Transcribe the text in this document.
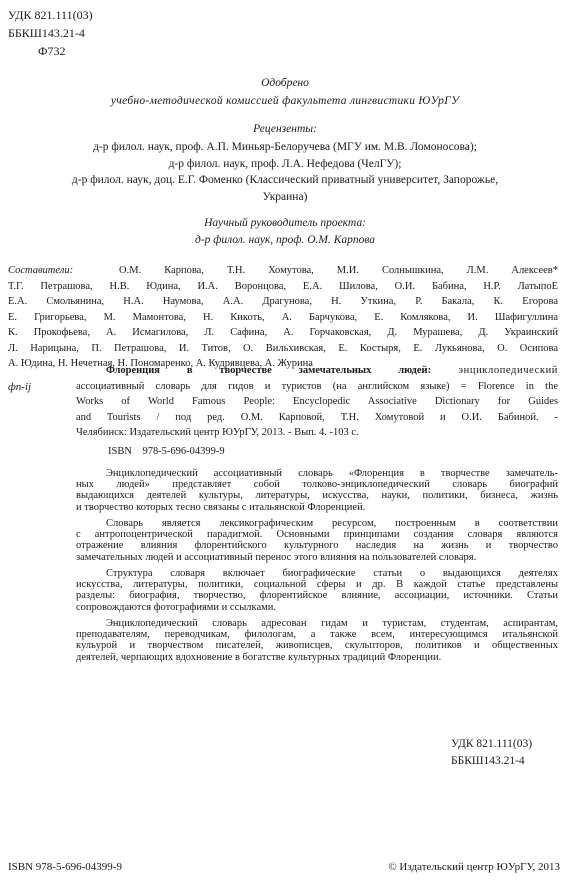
УДК 821.111(03)
ББКШ143.21-4
Ф732
Одобрено
учебно-методической комиссией факультета лингвистики ЮУрГУ
Рецензенты:
д-р филол. наук, проф. А.П. Миньяр-Белоручева (МГУ им. М.В. Ломоносова);
д-р филол. наук, проф. Л.А. Нефедова (ЧелГУ);
д-р филол. наук, доц. Е.Г. Фоменко (Классический приватный университет, Запорожье,
Украина)
Научный руководитель проекта:
д-р филол. наук, проф. О.М. Карпова
Составители:	О.М. Карпова, Т.Н. Хомутова, М.И. Солнышкина, Л.М. Алексеев*
Т.Г. Петрашова, Н.В. Юдина, И.А. Воронцова, Е.А. Шилова, О.И. Бабина, Н.Р. ЛатыпоЕ
Е.А. Смольянина, Н.А. Наумова, А.А. Драгунова, Н. Уткина, Р. Бакала, К. Егорова
Е. Григорьева, М. Мамонтова, Н. Кикоть, А. Барчукова, Е. Комлякова, И. Шафигуллина
К. Прокофьева, А. Исмагилова, Л. Сафина, А. Горчаковская, Д. Мурашева, Д. Украинский
Л. Нарицына, П. Петрашова, И. Титов, О. Вильхивская, Е. Костыря, Е. Лукьянова, О. Осипова
А. Юдина, Н. Нечетная, Н. Пономаренко, А. Кудрявцева, А. Журина
фп-ij
Флоренция в творчестве замечательных людей: энциклопедический
ассоциативный словарь для гидов и туристов (на английском языке) = Florence in the
Works of World Famous People: Encyclopedic Associative Dictionary for Guides
and Tourists / под ред. О.М. Карповой, Т.Н. Хомутовой и О.И. Бабиной. -
Челябинск: Издательский центр ЮУрГУ, 2013. - Вып. 4. -103 с.
ISBN 978-5-696-04399-9
Энциклопедический ассоциативный словарь «Флоренция в творчестве замечатель-
ных людей» представляет собой толково-энциклопедический словарь биографий
выдающихся деятелей культуры, литературы, искусства, науки, политики, бизнеса, жизнь
и творчество которых тесно связаны с итальянской Флоренцией.
Словарь является лексикографическим ресурсом, построенным в соответствии
с антропоцентрической парадигмой. Основными принципами создания словаря являются
отражение влияния флорентийского культурного наследия на жизнь и творчество
замечательных людей и ассоциативный перенос этого влияния на пользователей словаря.
Структура словаря включает биографические статьи о выдающихся деятелях
искусства, литературы, политики, социальной сферы и др. В каждой статье представлены
разделы: биография, творчество, флорентийское влияние, ассоциации, источники. Статьи
сопровождаются фотографиями и ссылками.
Энциклопедический словарь адресован гидам и туристам, студентам, аспирантам,
преподавателям, переводчикам, филологам, а также всем, интересующимся итальянской
кульурой и творчеством писателей, живописцев, скульпторов, политиков и общественных
деятелей, черпающих вдохновение в богатстве культурных традиций Флоренции.
УДК 821.111(03)
ББКШ143.21-4
ISBN 978-5-696-04399-9	© Издательский центр ЮУрГУ, 2013
